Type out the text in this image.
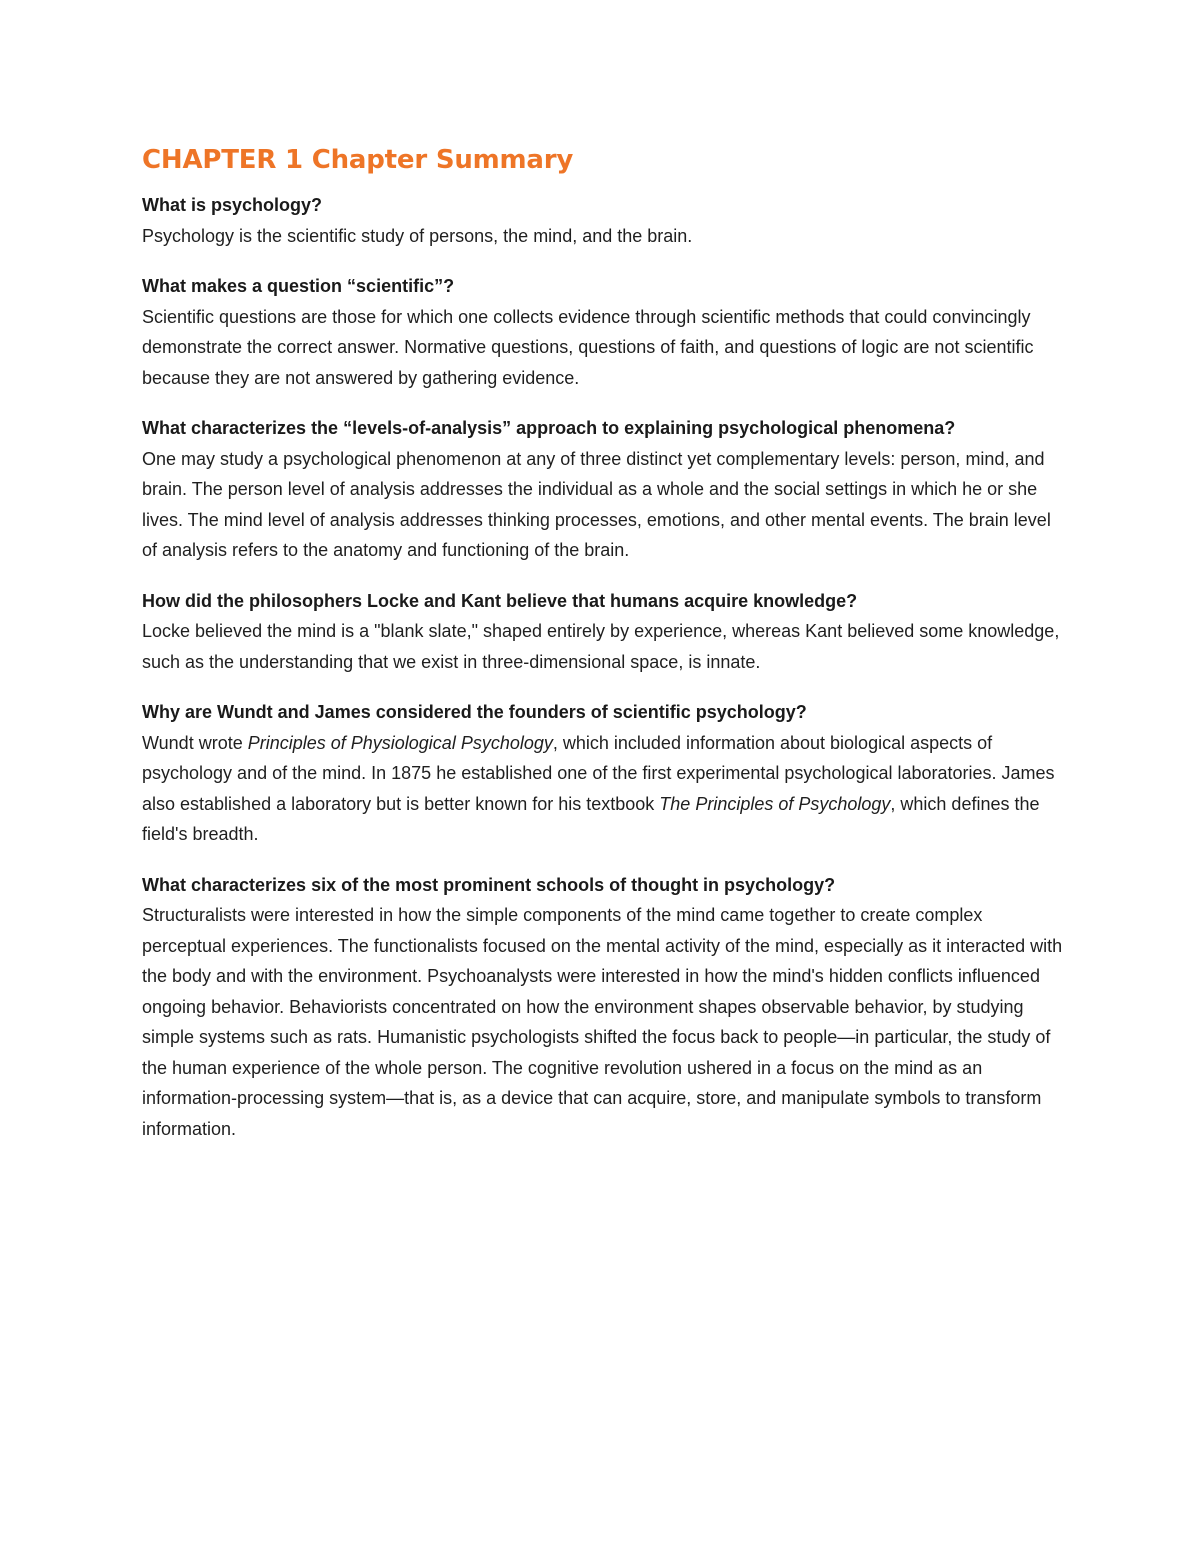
CHAPTER 1 Chapter Summary

What is psychology?

Psychology is the scientific study of persons, the mind, and the brain.

What makes a question “scientific”?

Scientific questions are those for which one collects evidence through scientific methods that could convincingly demonstrate the correct answer. Normative questions, questions of faith, and questions of logic are not scientific because they are not answered by gathering evidence.

What characterizes the “levels-of-analysis” approach to explaining psychological phenomena?

One may study a psychological phenomenon at any of three distinct yet complementary levels: person, mind, and brain. The person level of analysis addresses the individual as a whole and the social settings in which he or she lives. The mind level of analysis addresses thinking processes, emotions, and other mental events. The brain level of analysis refers to the anatomy and functioning of the brain.

How did the philosophers Locke and Kant believe that humans acquire knowledge?

Locke believed the mind is a "blank slate," shaped entirely by experience, whereas Kant believed some knowledge, such as the understanding that we exist in three-dimensional space, is innate.

Why are Wundt and James considered the founders of scientific psychology?

Wundt wrote Principles of Physiological Psychology, which included information about biological aspects of psychology and of the mind. In 1875 he established one of the first experimental psychological laboratories. James also established a laboratory but is better known for his textbook The Principles of Psychology, which defines the field's breadth.

What characterizes six of the most prominent schools of thought in psychology?

Structuralists were interested in how the simple components of the mind came together to create complex perceptual experiences. The functionalists focused on the mental activity of the mind, especially as it interacted with the body and with the environment. Psychoanalysts were interested in how the mind's hidden conflicts influenced ongoing behavior. Behaviorists concentrated on how the environment shapes observable behavior, by studying simple systems such as rats. Humanistic psychologists shifted the focus back to people—in particular, the study of the human experience of the whole person. The cognitive revolution ushered in a focus on the mind as an information-processing system—that is, as a device that can acquire, store, and manipulate symbols to transform information.
